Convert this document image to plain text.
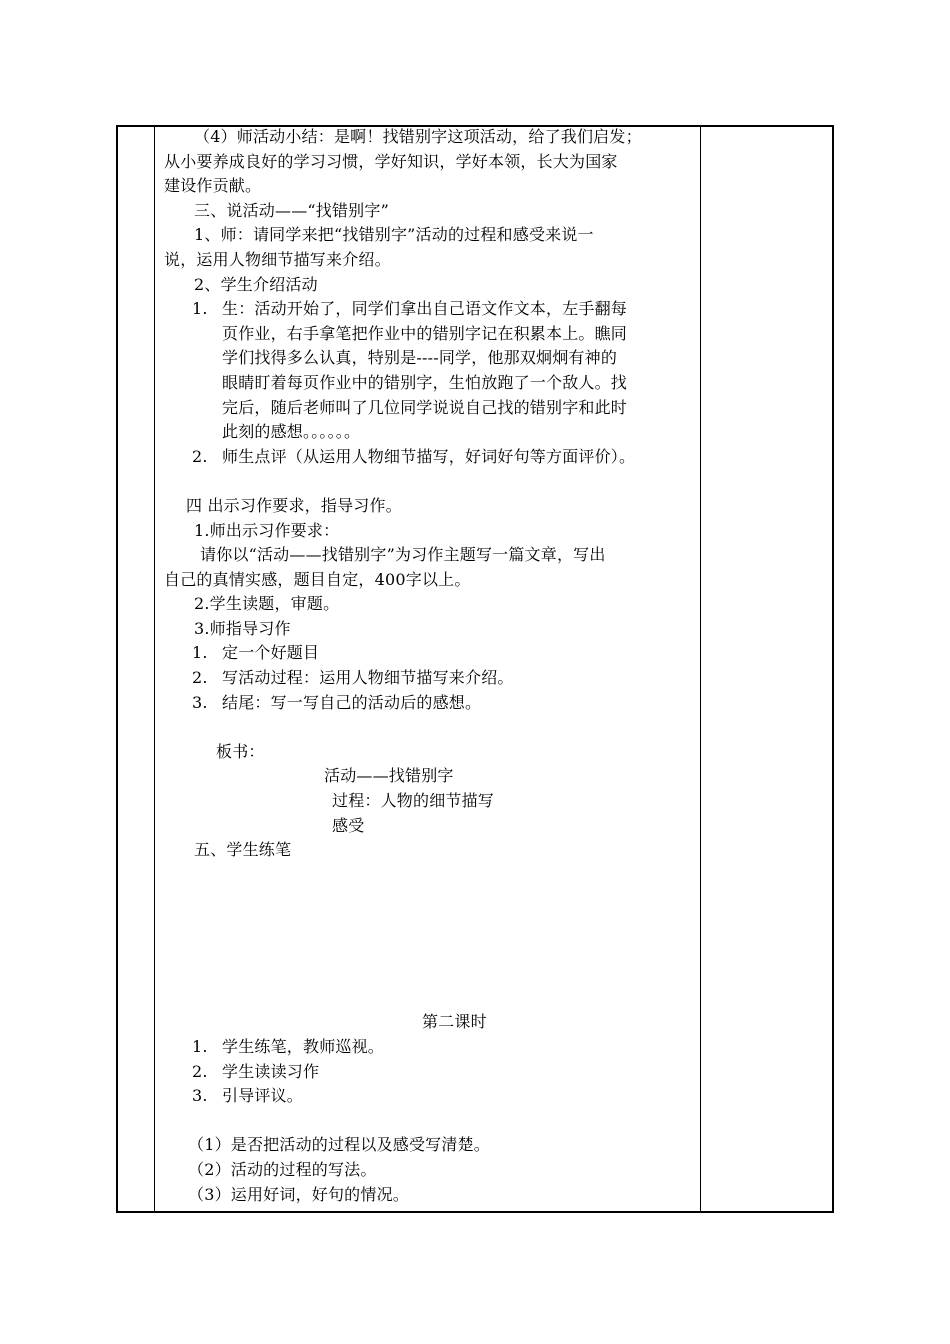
（4）师活动小结：是啊！找错别字这项活动，给了我们启发；
从小要养成良好的学习习惯，学好知识，学好本领，长大为国家
建设作贡献。
三、说活动——“找错别字”
1、师：请同学来把“找错别字”活动的过程和感受来说一
说，运用人物细节描写来介绍。
2、学生介绍活动
1. 生：活动开始了，同学们拿出自己语文作文本，左手翻每
页作业，右手拿笔把作业中的错别字记在积累本上。瞧同
学们找得多么认真，特别是----同学，他那双炯炯有神的
眼睛盯着每页作业中的错别字，生怕放跑了一个敌人。找
完后，随后老师叫了几位同学说说自己找的错别字和此时
此刻的感想。。。。。。
2. 师生点评（从运用人物细节描写，好词好句等方面评价）。
四 出示习作要求，指导习作。
1.师出示习作要求：
请你以“活动——找错别字”为习作主题写一篇文章，写出
自己的真情实感，题目自定，400字以上。
2.学生读题，审题。
3.师指导习作
1. 定一个好题目
2. 写活动过程：运用人物细节描写来介绍。
3. 结尾：写一写自己的活动后的感想。
板书：
活动——找错别字
过程：人物的细节描写
感受
五、学生练笔
第二课时
1. 学生练笔，教师巡视。
2. 学生读读习作
3. 引导评议。
（1）是否把活动的过程以及感受写清楚。
（2）活动的过程的写法。
（3）运用好词，好句的情况。
